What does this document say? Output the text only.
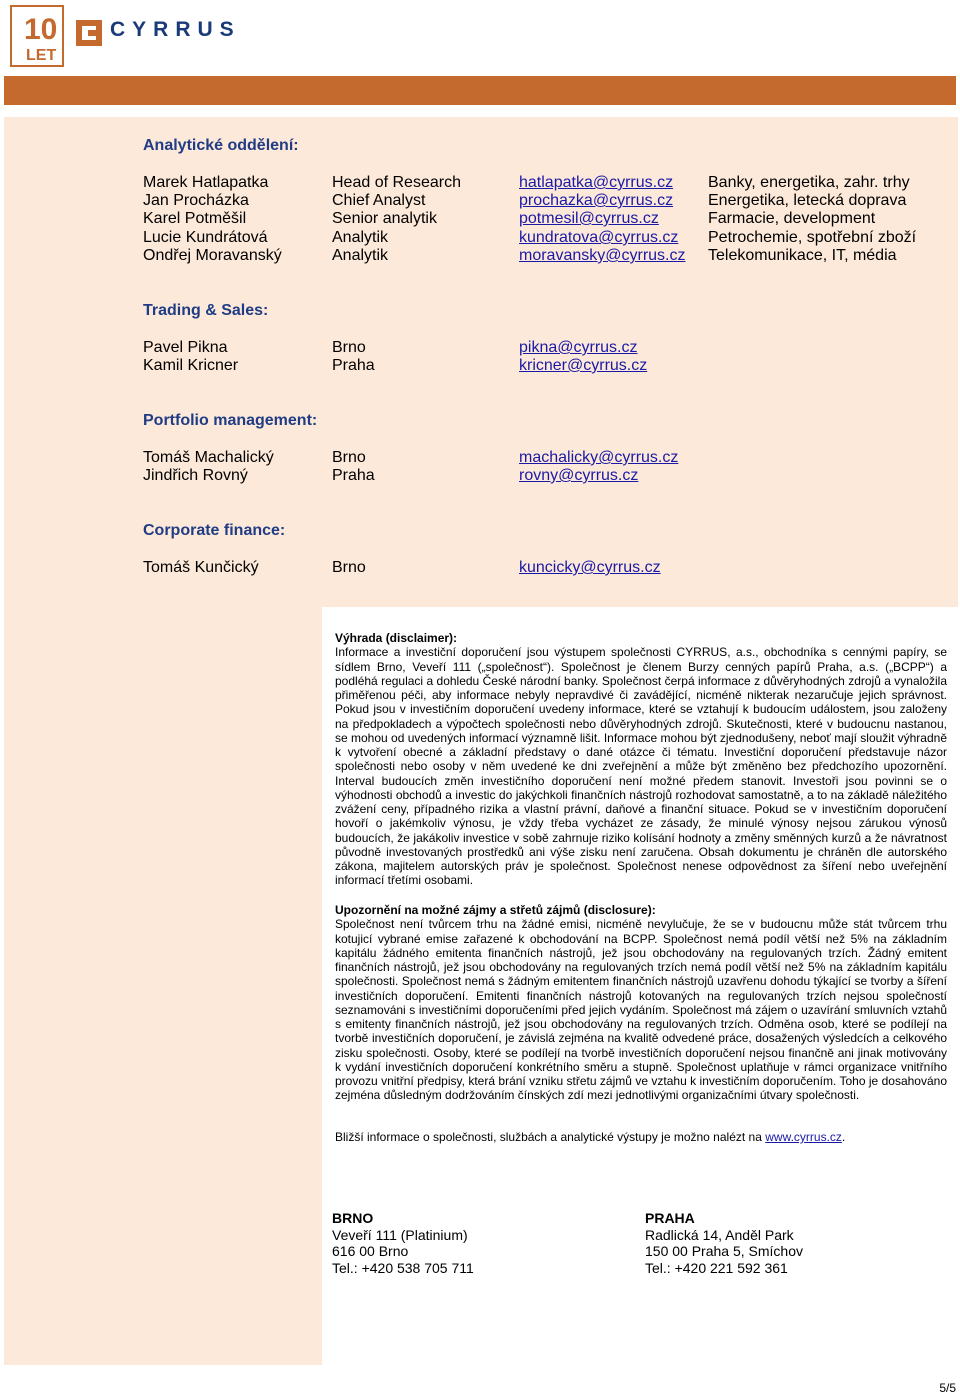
10
LET
CYRRUS
Analytické oddělení:
Marek Hatlapatka	Head of Research	hatlapatka@cyrrus.cz Banky, energetika, zahr. trhy
Jan Procházka	Chief Analyst	prochazka@cyrrus.cz Energetika, letecká doprava
Karel Potměšil	Senior analytik	potmesil@cyrrus.cz	Farmacie, development
Lucie Kundrátová	Analytik	kundratova@cyrrus.cz Petrochemie, spotřební zboží
Ondřej Moravanský	Analytik	moravansky@cyrrus.cz Telekomunikace, IT, média
Trading & Sales:
Pavel Pikna	Brno	pikna@cyrrus.cz
Kamil Kricner	Praha	kricner@cyrrus.cz
Portfolio management:
Tomáš Machalický	Brno	machalicky@cyrrus.cz
Jindřich Rovný	Praha	rovny@cyrrus.cz
Corporate finance:
Tomáš Kunčický	Brno	kuncicky@cyrrus.cz

Výhrada (disclaimer):

Informace a investiční doporučení jsou výstupem společnosti CYRRUS, a.s., obchodníka s cennými papíry, se sídlem Brno, Veveří 111 („společnost“). Společnost je členem Burzy cenných papírů Praha, a.s. („BCPP“) a podléhá regulaci a dohledu České národní banky. Společnost čerpá informace z důvěryhodných zdrojů a vynaložila přiměřenou péči, aby informace nebyly nepravdivé či zavádějící, nicméně nikterak nezaručuje jejich správnost. Pokud jsou v investičním doporučení uvedeny informace, které se vztahují k budoucím událostem, jsou založeny na předpokladech a výpočtech společnosti nebo důvěryhodných zdrojů. Skutečnosti, které v budoucnu nastanou, se mohou od uvedených informací významně lišit. Informace mohou být zjednodušeny, neboť mají sloužit výhradně k vytvoření obecné a základní představy o dané otázce či tématu. Investiční doporučení představuje názor společnosti nebo osoby v něm uvedené ke dni zveřejnění a může být změněno bez předchozího upozornění. Interval budoucích změn investičního doporučení není možné předem stanovit. Investoři jsou povinni se o výhodnosti obchodů a investic do jakýchkoli finančních nástrojů rozhodovat samostatně, a to na základě náležitého zvážení ceny, případného rizika a vlastní právní, daňové a finanční situace. Pokud se v investičním doporučení hovoří o jakémkoliv výnosu, je vždy třeba vycházet ze zásady, že minulé výnosy nejsou zárukou výnosů budoucích, že jakákoliv investice v sobě zahrnuje riziko kolísání hodnoty a změny směnných kurzů a že návratnost původně investovaných prostředků ani výše zisku není zaručena. Obsah dokumentu je chráněn dle autorského zákona, majitelem autorských práv je společnost. Společnost nenese odpovědnost za šíření nebo uveřejnění informací třetími osobami.

Upozornění na možné zájmy a střetů zájmů (disclosure):

Společnost není tvůrcem trhu na žádné emisi, nicméně nevylučuje, že se v budoucnu může stát tvůrcem trhu kotujicí vybrané emise zařazené k obchodování na BCPP. Společnost nemá podíl větší než 5% na základním kapitálu žádného emitenta finančních nástrojů, jež jsou obchodovány na regulovaných trzích. Žádný emitent finančních nástrojů, jež jsou obchodovány na regulovaných trzích nemá podíl větší než 5% na základním kapitálu společnosti. Společnost nemá s žádným emitentem finančních nástrojů uzavřenu dohodu týkající se tvorby a šíření investičních doporučení. Emitenti finančních nástrojů kotovaných na regulovaných trzích nejsou společností seznamováni s investičními doporučeními před jejich vydáním. Společnost má zájem o uzavírání smluvních vztahů s emitenty finančních nástrojů, jež jsou obchodovány na regulovaných trzích. Odměna osob, které se podílejí na tvorbě investičních doporučení, je závislá zejména na kvalitě odvedené práce, dosažených výsledcích a celkového zisku společnosti. Osoby, které se podílejí na tvorbě investičních doporučení nejsou finančně ani jinak motivovány k vydání investičních doporučení konkrétního směru a stupně. Společnost uplatňuje v rámci organizace vnitřního provozu vnitřní předpisy, která brání vzniku střetu zájmů ve vztahu k investičním doporučením. Toho je dosahováno zejména důsledným dodržováním čínských zdí mezi jednotlivými organizačními útvary společnosti.

Bližší informace o společnosti, službách a analytické výstupy je možno nalézt na www.cyrrus.cz.
BRNO
Veveří 111 (Platinium)
616 00 Brno
Tel.: +420 538 705 711
PRAHA
Radlická 14, Anděl Park
150 00 Praha 5, Smíchov
Tel.: +420 221 592 361
5/5
